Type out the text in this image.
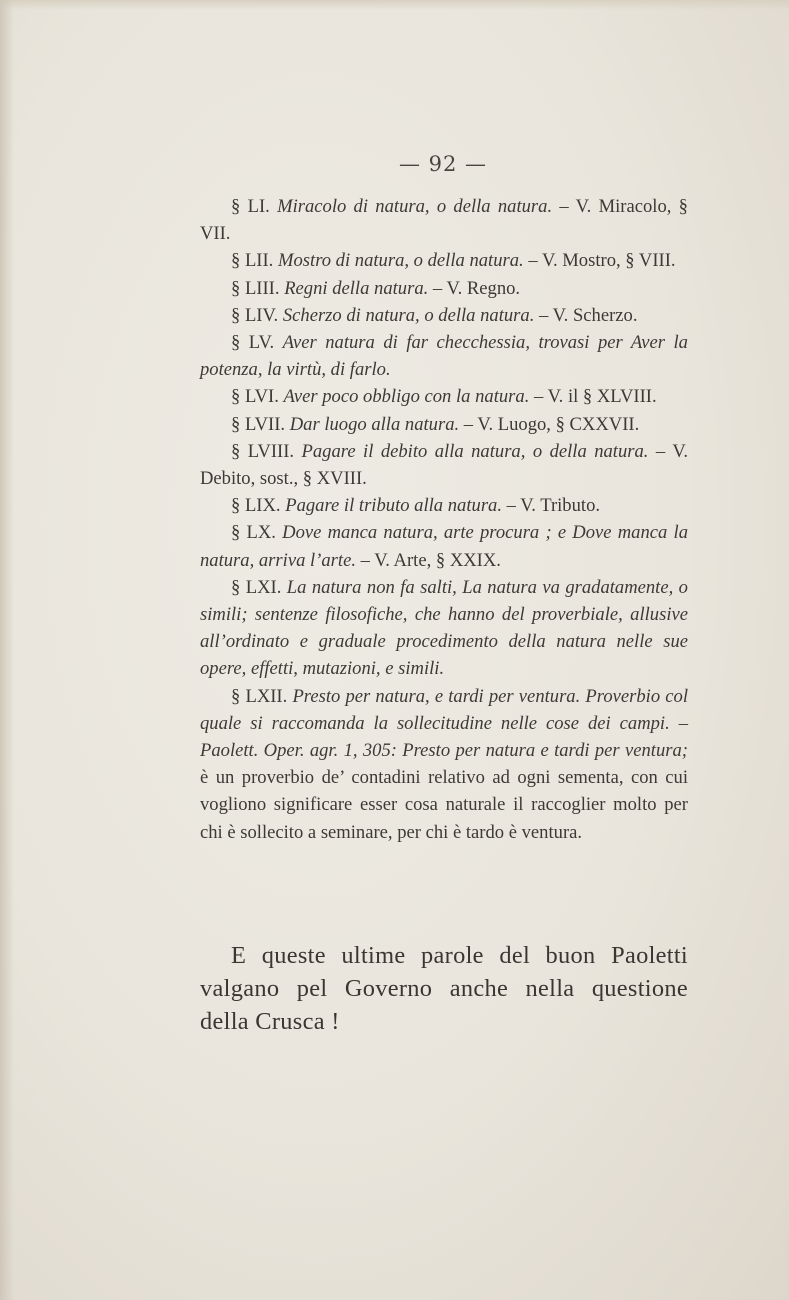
— 92 —

§ LI. Miracolo di natura, o della natura. – V. Miracolo, § VII.

§ LII. Mostro di natura, o della natura. – V. Mostro, § VIII.

§ LIII. Regni della natura. – V. Regno.

§ LIV. Scherzo di natura, o della natura. – V. Scherzo.

§ LV. Aver natura di far checchessia, trovasi per Aver la potenza, la virtù, di farlo.

§ LVI. Aver poco obbligo con la natura. – V. il § XLVIII.

§ LVII. Dar luogo alla natura. – V. Luogo, § CXXVII.

§ LVIII. Pagare il debito alla natura, o della natura. – V. Debito, sost., § XVIII.

§ LIX. Pagare il tributo alla natura. – V. Tributo.

§ LX. Dove manca natura, arte procura ; e Dove manca la natura, arriva l’arte. – V. Arte, § XXIX.

§ LXI. La natura non fa salti, La natura va gradatamente, o simili; sentenze filosofiche, che hanno del proverbiale, allusive all’ordinato e graduale procedimento della natura nelle sue opere, effetti, mutazioni, e simili.

§ LXII. Presto per natura, e tardi per ventura. Proverbio col quale si raccomanda la sollecitudine nelle cose dei campi. – Paolett. Oper. agr. 1, 305: Presto per natura e tardi per ventura; è un proverbio de’ contadini relativo ad ogni sementa, con cui vogliono significare esser cosa naturale il raccoglier molto per chi è sollecito a seminare, per chi è tardo è ventura.

E queste ultime parole del buon Paoletti valgano pel Governo anche nella questione della Crusca !
